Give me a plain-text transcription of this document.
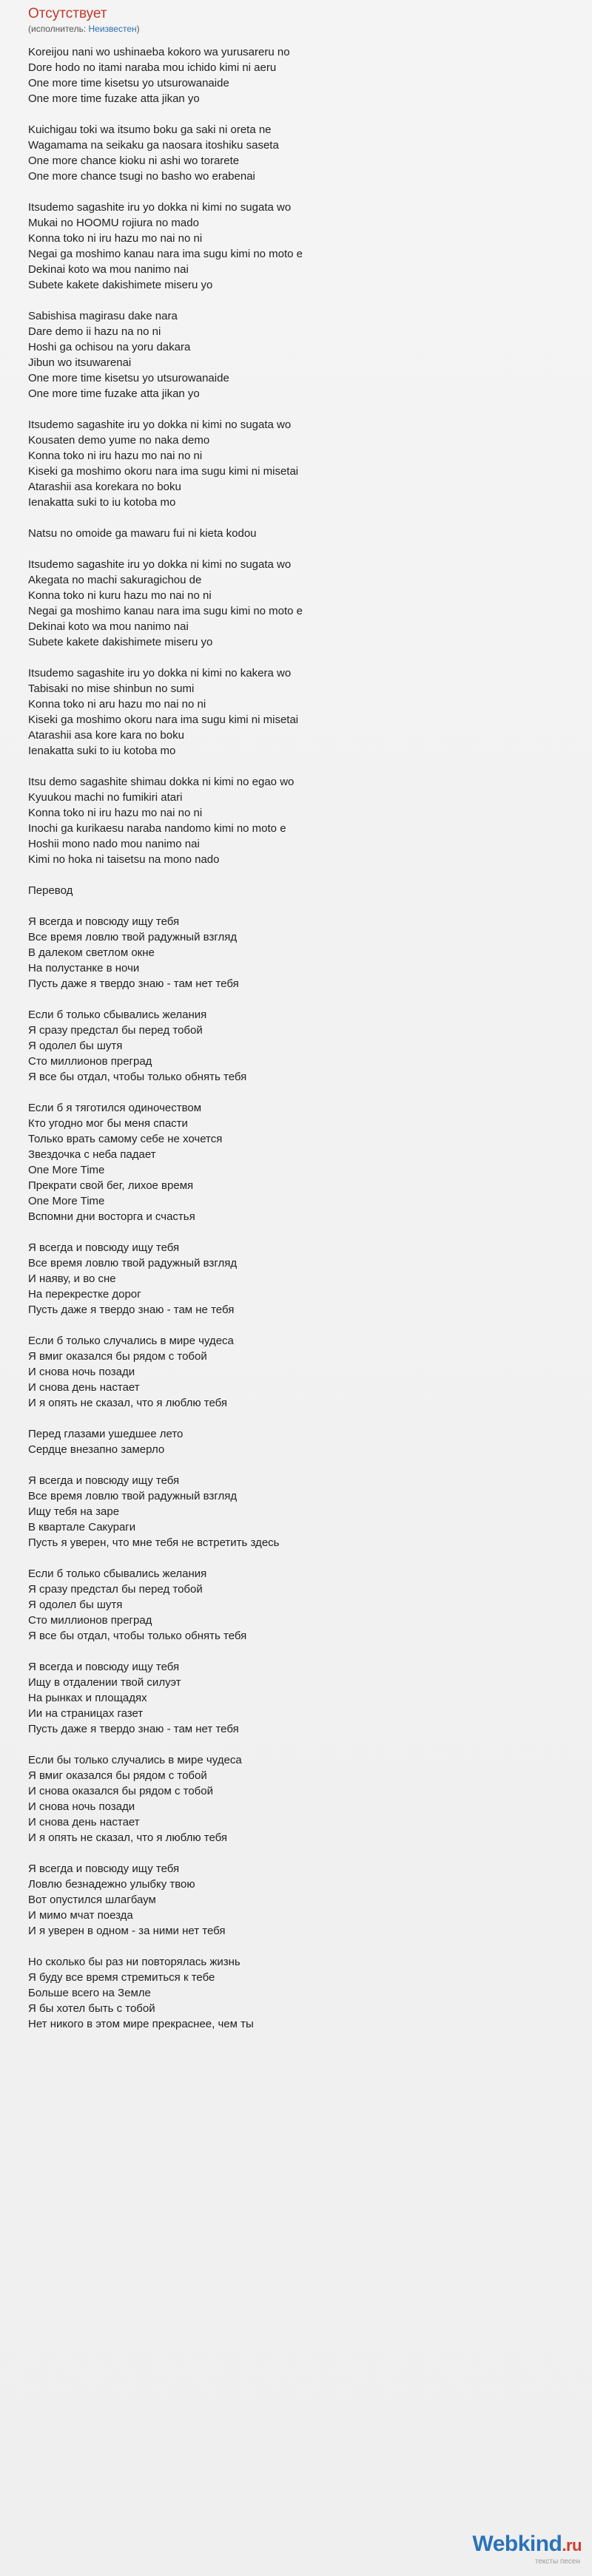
Отсутствует
(исполнитель: Неизвестен)
Koreijou nani wo ushinaeba kokoro wa yurusareru no
Dore hodo no itami naraba mou ichido kimi ni aeru
One more time kisetsu yo utsurowanaide
One more time fuzake atta jikan yo
Kuichigau toki wa itsumo boku ga saki ni oreta ne
Wagamama na seikaku ga naosara itoshiku saseta
One more chance kioku ni ashi wo torarete
One more chance tsugi no basho wo erabenai
Itsudemo sagashite iru yo dokka ni kimi no sugata wo
Mukai no HOOMU rojiura no mado
Konna toko ni iru hazu mo nai no ni
Negai ga moshimo kanau nara ima sugu kimi no moto e
Dekinai koto wa mou nanimo nai
Subete kakete dakishimete miseru yo
Sabishisa magirasu dake nara
Dare demo ii hazu na no ni
Hoshi ga ochisou na yoru dakara
Jibun wo itsuwarenai
One more time kisetsu yo utsurowanaide
One more time fuzake atta jikan yo
Itsudemo sagashite iru yo dokka ni kimi no sugata wo
Kousaten demo yume no naka demo
Konna toko ni iru hazu mo nai no ni
Kiseki ga moshimo okoru nara ima sugu kimi ni misetai
Atarashii asa korekara no boku
Ienakatta suki to iu kotoba mo
Natsu no omoide ga mawaru fui ni kieta kodou
Itsudemo sagashite iru yo dokka ni kimi no sugata wo
Akegata no machi sakuragichou de
Konna toko ni kuru hazu mo nai no ni
Negai ga moshimo kanau nara ima sugu kimi no moto e
Dekinai koto wa mou nanimo nai
Subete kakete dakishimete miseru yo
Itsudemo sagashite iru yo dokka ni kimi no kakera wo
Tabisaki no mise shinbun no sumi
Konna toko ni aru hazu mo nai no ni
Kiseki ga moshimo okoru nara ima sugu kimi ni misetai
Atarashii asa kore kara no boku
Ienakatta suki to iu kotoba mo
Itsu demo sagashite shimau dokka ni kimi no egao wo
Kyuukou machi no fumikiri atari
Konna toko ni iru hazu mo nai no ni
Inochi ga kurikaesu naraba nandomo kimi no moto e
Hoshii mono nado mou nanimo nai
Kimi no hoka ni taisetsu na mono nado
Перевод
Я всегда и повсюду ищу тебя
Все время ловлю твой радужный взгляд
В далеком светлом окне
На полустанке в ночи
Пусть даже я твердо знаю - там нет тебя
Если б только сбывались желания
Я сразу предстал бы перед тобой
Я одолел бы шутя
Сто миллионов преград
Я все бы отдал, чтобы только обнять тебя
Если б я тяготился одиночеством
Кто угодно мог бы меня спасти
Только врать самому себе не хочется
Звездочка с неба падает
One More Time
Прекрати свой бег, лихое время
One More Time
Вспомни дни восторга и счастья
Я всегда и повсюду ищу тебя
Все время ловлю твой радужный взгляд
И наяву, и во сне
На перекрестке дорог
Пусть даже я твердо знаю - там не тебя
Если б только случались в мире чудеса
Я вмиг оказался бы рядом с тобой
И снова ночь позади
И снова день настает
И я опять не сказал, что я люблю тебя
Перед глазами ушедшее лето
Сердце внезапно замерло
Я всегда и повсюду ищу тебя
Все время ловлю твой радужный взгляд
Ищу тебя на заре
В квартале Сакураги
Пусть я уверен, что мне тебя не встретить здесь
Если б только сбывались желания
Я сразу предстал бы перед тобой
Я одолел бы шутя
Сто миллионов преград
Я все бы отдал, чтобы только обнять тебя
Я всегда и повсюду ищу тебя
Ищу в отдалении твой силуэт
На рынках и площадях
Ии на страницах газет
Пусть даже я твердо знаю - там нет тебя
Если бы только случались в мире чудеса
Я вмиг оказался бы рядом с тобой
И снова оказался бы рядом с тобой
И снова ночь позади
И снова день настает
И я опять не сказал, что я люблю тебя
Я всегда и повсюду ищу тебя
Ловлю безнадежно улыбку твою
Вот опустился шлагбаум
И мимо мчат поезда
И я уверен в одном - за ними нет тебя
Но сколько бы раз ни повторялась жизнь
Я буду все время стремиться к тебе
Больше всего на Земле
Я бы хотел быть с тобой
Нет никого в этом мире прекраснее, чем ты
Webkind.ru
тексты песен
